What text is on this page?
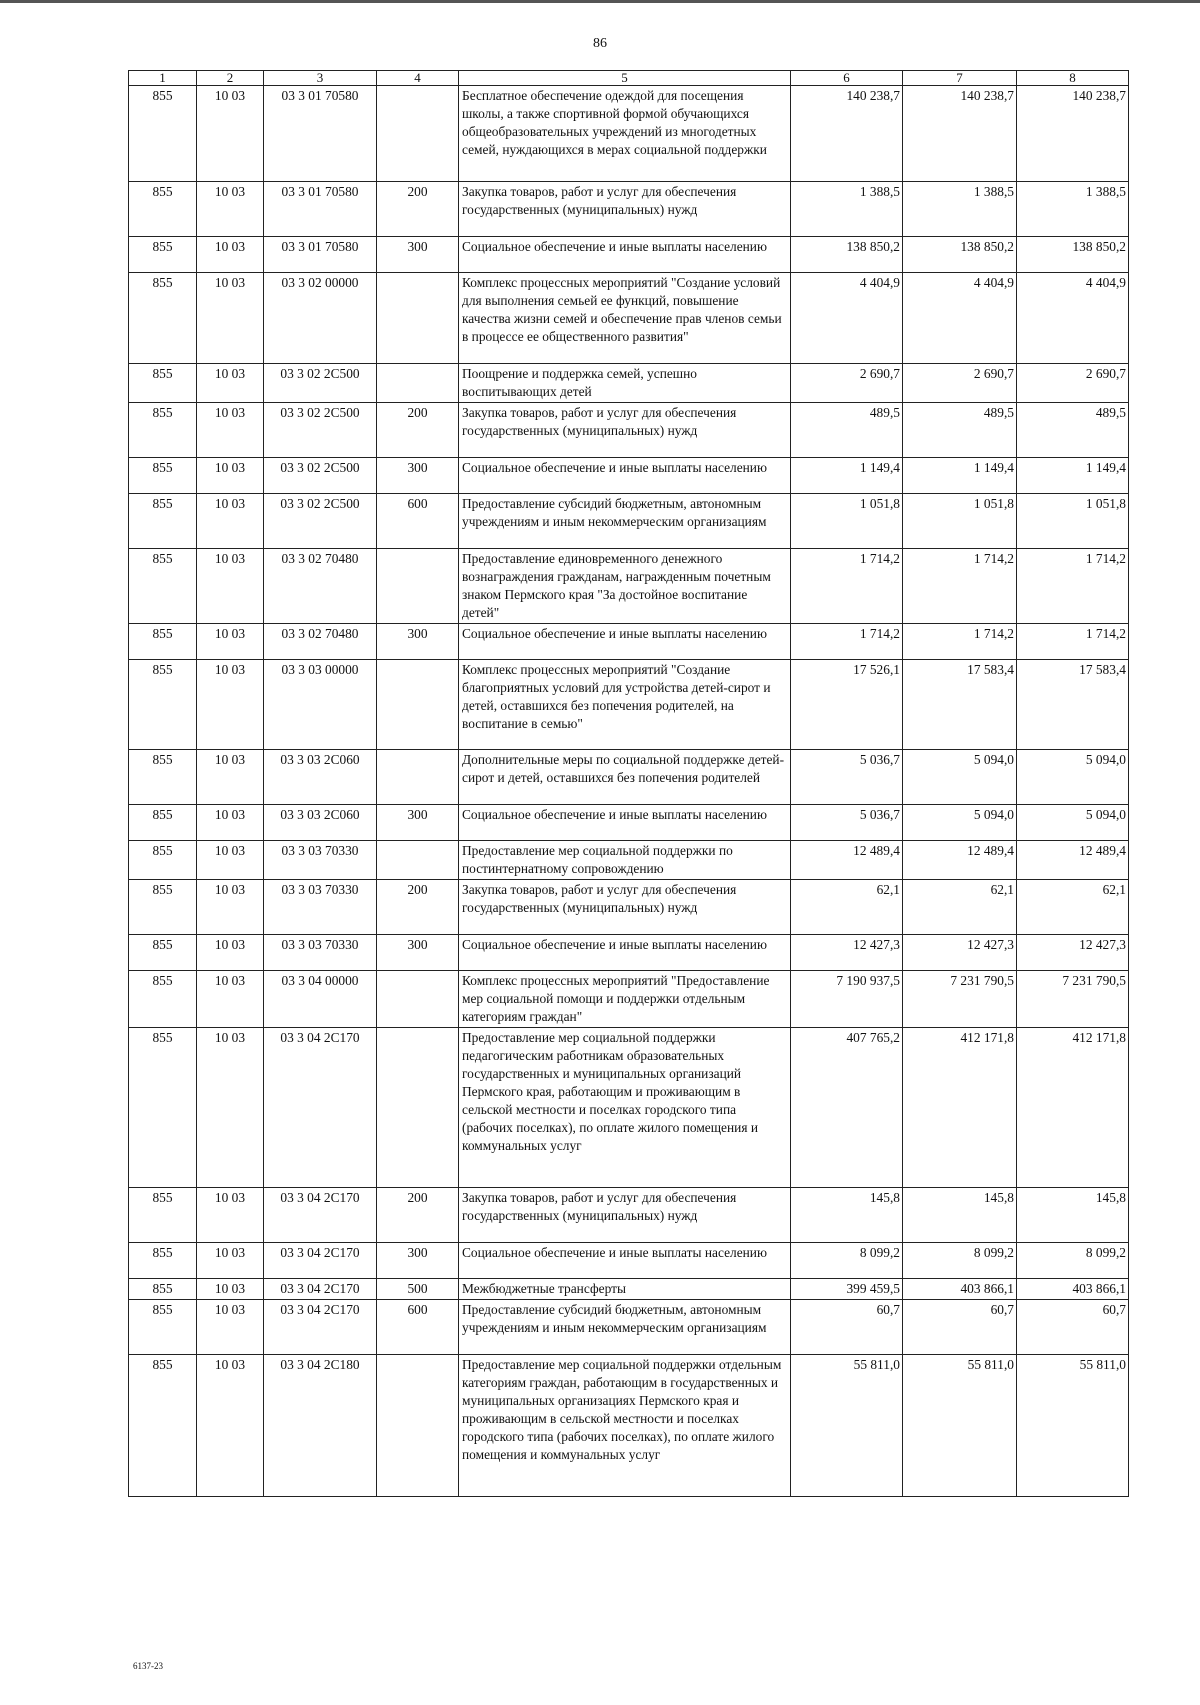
86
1	2	3	4	5	6	7	8
855	10 03	03 3 01 70580		Бесплатное обеспечение одеждой для посещения школы, а также спортивной формой обучающихся общеобразовательных учреждений из многодетных семей, нуждающихся в мерах социальной поддержки	140 238,7	140 238,7	140 238,7
855	10 03	03 3 01 70580	200	Закупка товаров, работ и услуг для обеспечения государственных (муниципальных) нужд	1 388,5	1 388,5	1 388,5
855	10 03	03 3 01 70580	300	Социальное обеспечение и иные выплаты населению	138 850,2	138 850,2	138 850,2
855	10 03	03 3 02 00000		Комплекс процессных мероприятий "Создание условий для выполнения семьей ее функций, повышение качества жизни семей и обеспечение прав членов семьи в процессе ее общественного развития"	4 404,9	4 404,9	4 404,9
855	10 03	03 3 02 2C500		Поощрение и поддержка семей, успешно воспитывающих детей	2 690,7	2 690,7	2 690,7
855	10 03	03 3 02 2C500	200	Закупка товаров, работ и услуг для обеспечения государственных (муниципальных) нужд	489,5	489,5	489,5
855	10 03	03 3 02 2C500	300	Социальное обеспечение и иные выплаты населению	1 149,4	1 149,4	1 149,4
855	10 03	03 3 02 2C500	600	Предоставление субсидий бюджетным, автономным учреждениям и иным некоммерческим организациям	1 051,8	1 051,8	1 051,8
855	10 03	03 3 02 70480		Предоставление единовременного денежного вознаграждения гражданам, награжденным почетным знаком Пермского края "За достойное воспитание детей"	1 714,2	1 714,2	1 714,2
855	10 03	03 3 02 70480	300	Социальное обеспечение и иные выплаты населению	1 714,2	1 714,2	1 714,2
855	10 03	03 3 03 00000		Комплекс процессных мероприятий "Создание благоприятных условий для устройства детей-сирот и детей, оставшихся без попечения родителей, на воспитание в семью"	17 526,1	17 583,4	17 583,4
855	10 03	03 3 03 2C060		Дополнительные меры по социальной поддержке детей-сирот и детей, оставшихся без попечения родителей	5 036,7	5 094,0	5 094,0
855	10 03	03 3 03 2C060	300	Социальное обеспечение и иные выплаты населению	5 036,7	5 094,0	5 094,0
855	10 03	03 3 03 70330		Предоставление мер социальной поддержки по постинтернатному сопровождению	12 489,4	12 489,4	12 489,4
855	10 03	03 3 03 70330	200	Закупка товаров, работ и услуг для обеспечения государственных (муниципальных) нужд	62,1	62,1	62,1
855	10 03	03 3 03 70330	300	Социальное обеспечение и иные выплаты населению	12 427,3	12 427,3	12 427,3
855	10 03	03 3 04 00000		Комплекс процессных мероприятий "Предоставление мер социальной помощи и поддержки отдельным категориям граждан"	7 190 937,5	7 231 790,5	7 231 790,5
855	10 03	03 3 04 2C170		Предоставление мер социальной поддержки педагогическим работникам образовательных государственных и муниципальных организаций Пермского края, работающим и проживающим в сельской местности и поселках городского типа (рабочих поселках), по оплате жилого помещения и коммунальных услуг	407 765,2	412 171,8	412 171,8
855	10 03	03 3 04 2C170	200	Закупка товаров, работ и услуг для обеспечения государственных (муниципальных) нужд	145,8	145,8	145,8
855	10 03	03 3 04 2C170	300	Социальное обеспечение и иные выплаты населению	8 099,2	8 099,2	8 099,2
855	10 03	03 3 04 2C170	500	Межбюджетные трансферты	399 459,5	403 866,1	403 866,1
855	10 03	03 3 04 2C170	600	Предоставление субсидий бюджетным, автономным учреждениям и иным некоммерческим организациям	60,7	60,7	60,7
855	10 03	03 3 04 2C180		Предоставление мер социальной поддержки отдельным категориям граждан, работающим в государственных и муниципальных организациях Пермского края и проживающим в сельской местности и поселках городского типа (рабочих поселках), по оплате жилого помещения и коммунальных услуг	55 811,0	55 811,0	55 811,0
6137-23
